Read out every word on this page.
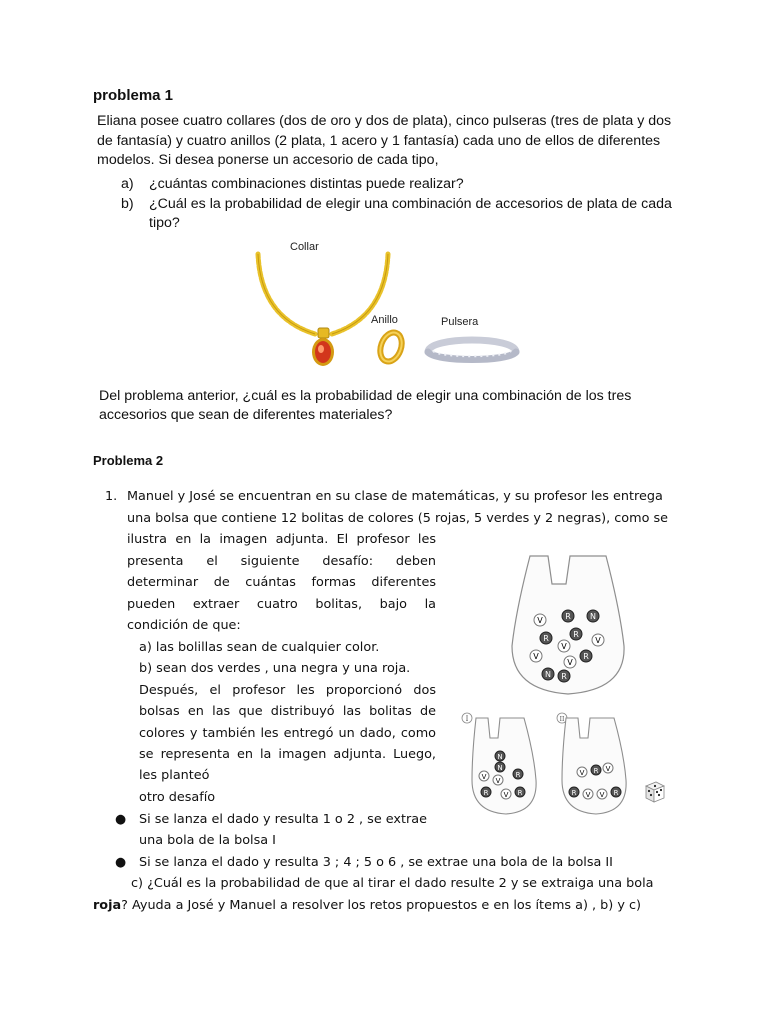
problema 1
Eliana posee cuatro collares (dos de oro y dos de plata), cinco pulseras (tres de plata y dos de fantasía) y cuatro anillos (2 plata, 1 acero y 1 fantasía) cada uno de ellos de diferentes modelos. Si desea ponerse un accesorio de cada tipo,
a) ¿cuántas combinaciones distintas puede realizar?
b) ¿Cuál es la probabilidad de elegir una combinación de accesorios de plata de cada tipo?
Collar
Anillo	Pulsera
Del problema anterior, ¿cuál es la probabilidad de elegir una combinación de los tres accesorios que sean de diferentes materiales?
Problema 2
1. Manuel y José se encuentran en su clase de matemáticas, y su profesor les entrega
una bolsa que contiene 12 bolitas de colores (5 rojas, 5 verdes y 2 negras), como se
ilustra en la imagen adjunta. El profesor les
presenta el siguiente desafío: deben
determinar de cuántas formas diferentes
pueden extraer cuatro bolitas, bajo la
condición de que:
a) las bolillas sean de cualquier color.
b) sean dos verdes , una negra y una roja.
Después, el profesor les proporcionó dos
bolsas en las que distribuyó las bolitas de
colores y también les entregó un dado, como
se representa en la imagen adjunta. Luego,
les planteó
otro desafío
● Si se lanza el dado y resulta 1 o 2 , se extrae
una bola de la bolsa I
● Si se lanza el dado y resulta 3 ; 4 ; 5 o 6 , se extrae una bola de la bolsa II
c) ¿Cuál es la probabilidad de que al tirar el dado resulte 2 y se extraiga una bola
roja? Ayuda a José y Manuel a resolver los retos propuestos e en los ítems a) , b) y c)
V	R N
R	R
V
V
V
V
R
N R
I
N
N
V V
R
R V R
II
V R V
R V V R
